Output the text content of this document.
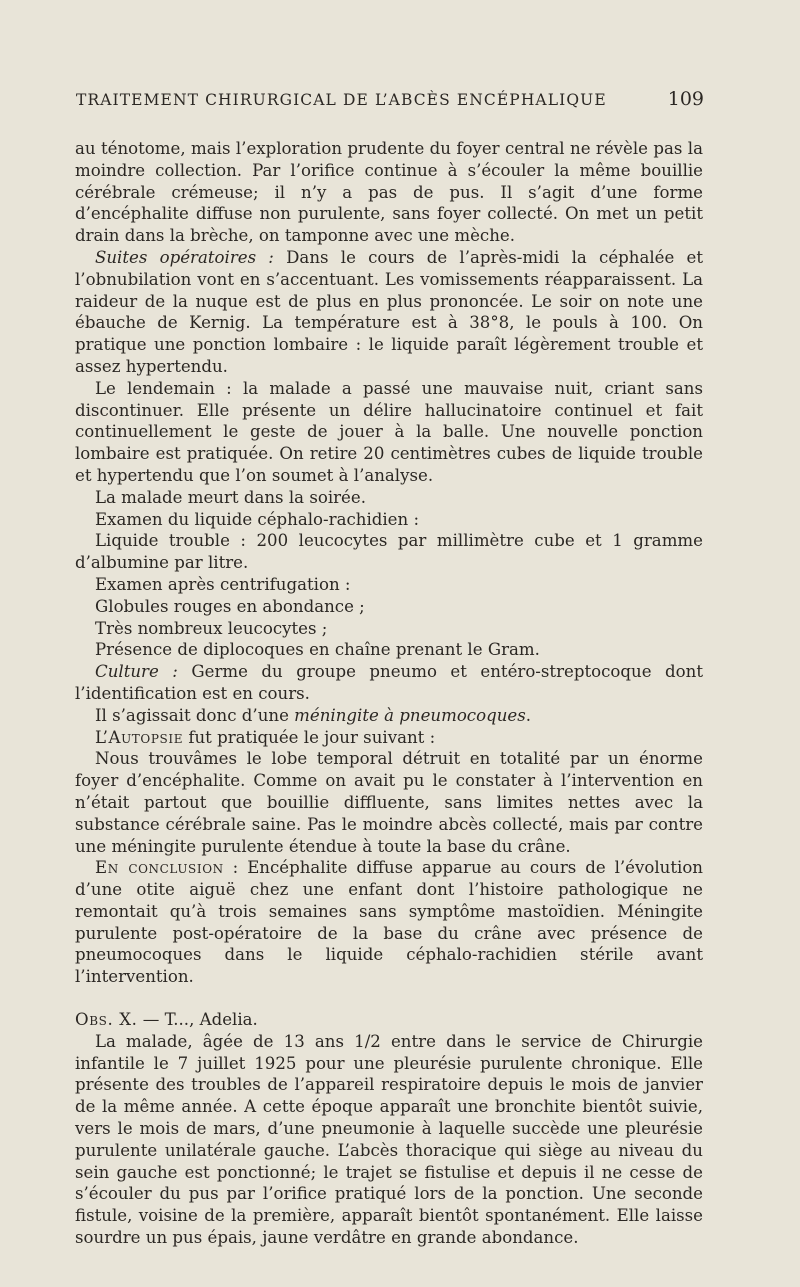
TRAITEMENT CHIRURGICAL DE L’ABCÈS ENCÉPHALIQUE	109

au ténotome, mais l’exploration prudente du foyer central ne révèle pas la moindre collection. Par l’orifice continue à s’écouler la même bouillie cérébrale crémeuse; il n’y a pas de pus. Il s’agit d’une forme d’encéphalite diffuse non purulente, sans foyer collecté. On met un petit drain dans la brèche, on tamponne avec une mèche.

Suites opératoires : Dans le cours de l’après-midi la céphalée et l’obnubilation vont en s’accentuant. Les vomissements réapparaissent. La raideur de la nuque est de plus en plus prononcée. Le soir on note une ébauche de Kernig. La température est à 38°8, le pouls à 100. On pratique une ponction lombaire : le liquide paraît légèrement trouble et assez hypertendu.

Le lendemain : la malade a passé une mauvaise nuit, criant sans discontinuer. Elle présente un délire hallucinatoire continuel et fait continuellement le geste de jouer à la balle. Une nouvelle ponction lombaire est pratiquée. On retire 20 centimètres cubes de liquide trouble et hypertendu que l’on soumet à l’analyse.

La malade meurt dans la soirée.

Examen du liquide céphalo-rachidien :

Liquide trouble : 200 leucocytes par millimètre cube et 1 gramme d’albumine par litre.

Examen après centrifugation :

Globules rouges en abondance ;

Très nombreux leucocytes ;

Présence de diplocoques en chaîne prenant le Gram.

Culture : Germe du groupe pneumo et entéro-streptocoque dont l’identification est en cours.

Il s’agissait donc d’une méningite à pneumocoques.

L’Autopsie fut pratiquée le jour suivant :

Nous trouvâmes le lobe temporal détruit en totalité par un énorme foyer d’encéphalite. Comme on avait pu le constater à l’intervention en n’était partout que bouillie diffluente, sans limites nettes avec la substance cérébrale saine. Pas le moindre abcès collecté, mais par contre une méningite purulente étendue à toute la base du crâne.

En conclusion : Encéphalite diffuse apparue au cours de l’évolution d’une otite aiguë chez une enfant dont l’histoire pathologique ne remontait qu’à trois semaines sans symptôme mastoïdien. Méningite purulente post-opératoire de la base du crâne avec présence de pneumocoques dans le liquide céphalo-rachidien stérile avant l’intervention.

Obs. X. — T..., Adelia.

La malade, âgée de 13 ans 1/2 entre dans le service de Chirurgie infantile le 7 juillet 1925 pour une pleurésie purulente chronique. Elle présente des troubles de l’appareil respiratoire depuis le mois de janvier de la même année. A cette époque apparaît une bronchite bientôt suivie, vers le mois de mars, d’une pneumonie à laquelle succède une pleurésie purulente unilatérale gauche. L’abcès thoracique qui siège au niveau du sein gauche est ponctionné; le trajet se fistulise et depuis il ne cesse de s’écouler du pus par l’orifice pratiqué lors de la ponction. Une seconde fistule, voisine de la première, apparaît bientôt spontanément. Elle laisse sourdre un pus épais, jaune verdâtre en grande abondance.
